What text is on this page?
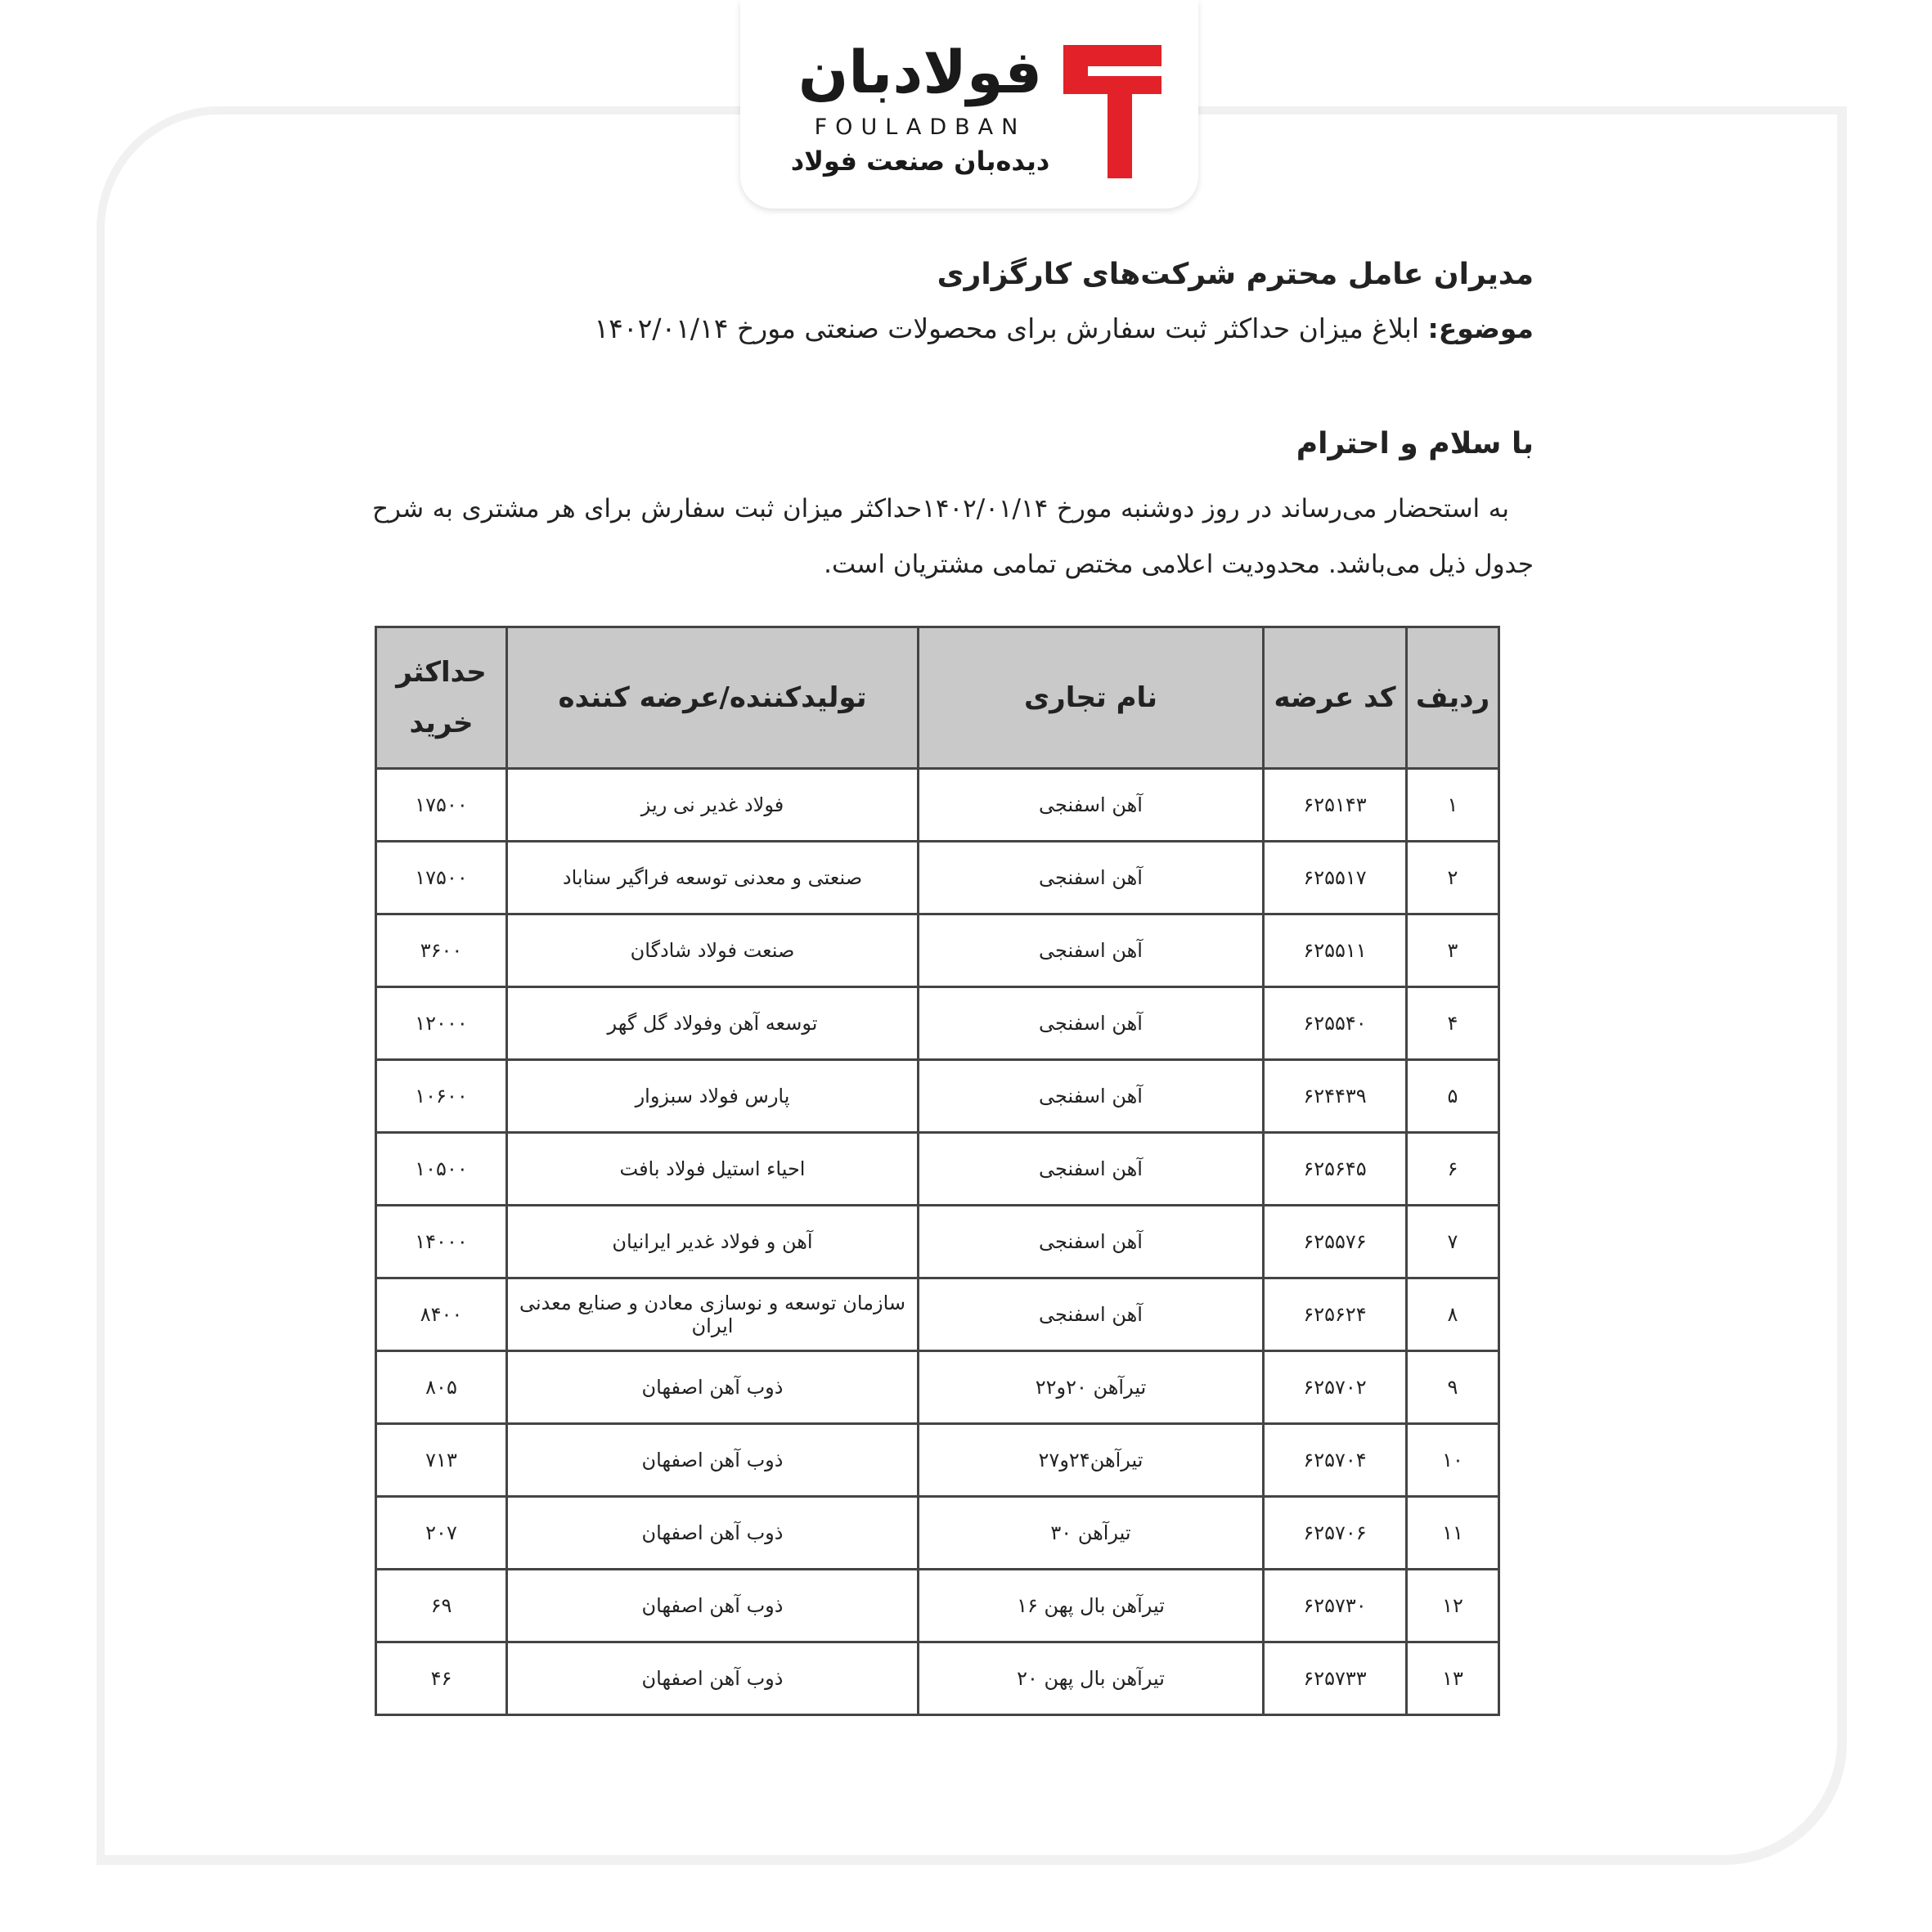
فولادبان
FOULADBAN
دیده‌بان صنعت فولاد
مدیران عامل محترم شرکت‌های کارگزاری
موضوع: ابلاغ میزان حداکثر ثبت سفارش برای محصولات صنعتی مورخ ۱۴۰۲/۰۱/۱۴
با سلام و احترام
به استحضار می‌رساند در روز دوشنبه مورخ ۱۴۰۲/۰۱/۱۴حداکثر میزان ثبت سفارش برای هر مشتری به شرح جدول ذیل می‌باشد. محدودیت اعلامی مختص تمامی مشتریان است.
ردیف	کد عرضه	نام تجاری	تولیدکننده/عرضه کننده	حداکثر خرید
۱	۶۲۵۱۴۳	آهن اسفنجی	فولاد غدیر نی ریز	۱۷۵۰۰
۲	۶۲۵۵۱۷	آهن اسفنجی	صنعتی و معدنی توسعه فراگیر سناباد	۱۷۵۰۰
۳	۶۲۵۵۱۱	آهن اسفنجی	صنعت فولاد شادگان	۳۶۰۰
۴	۶۲۵۵۴۰	آهن اسفنجی	توسعه آهن وفولاد گل گهر	۱۲۰۰۰
۵	۶۲۴۴۳۹	آهن اسفنجی	پارس فولاد سبزوار	۱۰۶۰۰
۶	۶۲۵۶۴۵	آهن اسفنجی	احیاء استیل فولاد بافت	۱۰۵۰۰
۷	۶۲۵۵۷۶	آهن اسفنجی	آهن و فولاد غدیر ایرانیان	۱۴۰۰۰
۸	۶۲۵۶۲۴	آهن اسفنجی	سازمان توسعه و نوسازی معادن و صنایع معدنی ایران	۸۴۰۰
۹	۶۲۵۷۰۲	تیرآهن ۲۰و۲۲	ذوب آهن اصفهان	۸۰۵
۱۰	۶۲۵۷۰۴	تیرآهن۲۴و۲۷	ذوب آهن اصفهان	۷۱۳
۱۱	۶۲۵۷۰۶	تیرآهن ۳۰	ذوب آهن اصفهان	۲۰۷
۱۲	۶۲۵۷۳۰	تیرآهن بال پهن ۱۶	ذوب آهن اصفهان	۶۹
۱۳	۶۲۵۷۳۳	تیرآهن بال پهن ۲۰	ذوب آهن اصفهان	۴۶
